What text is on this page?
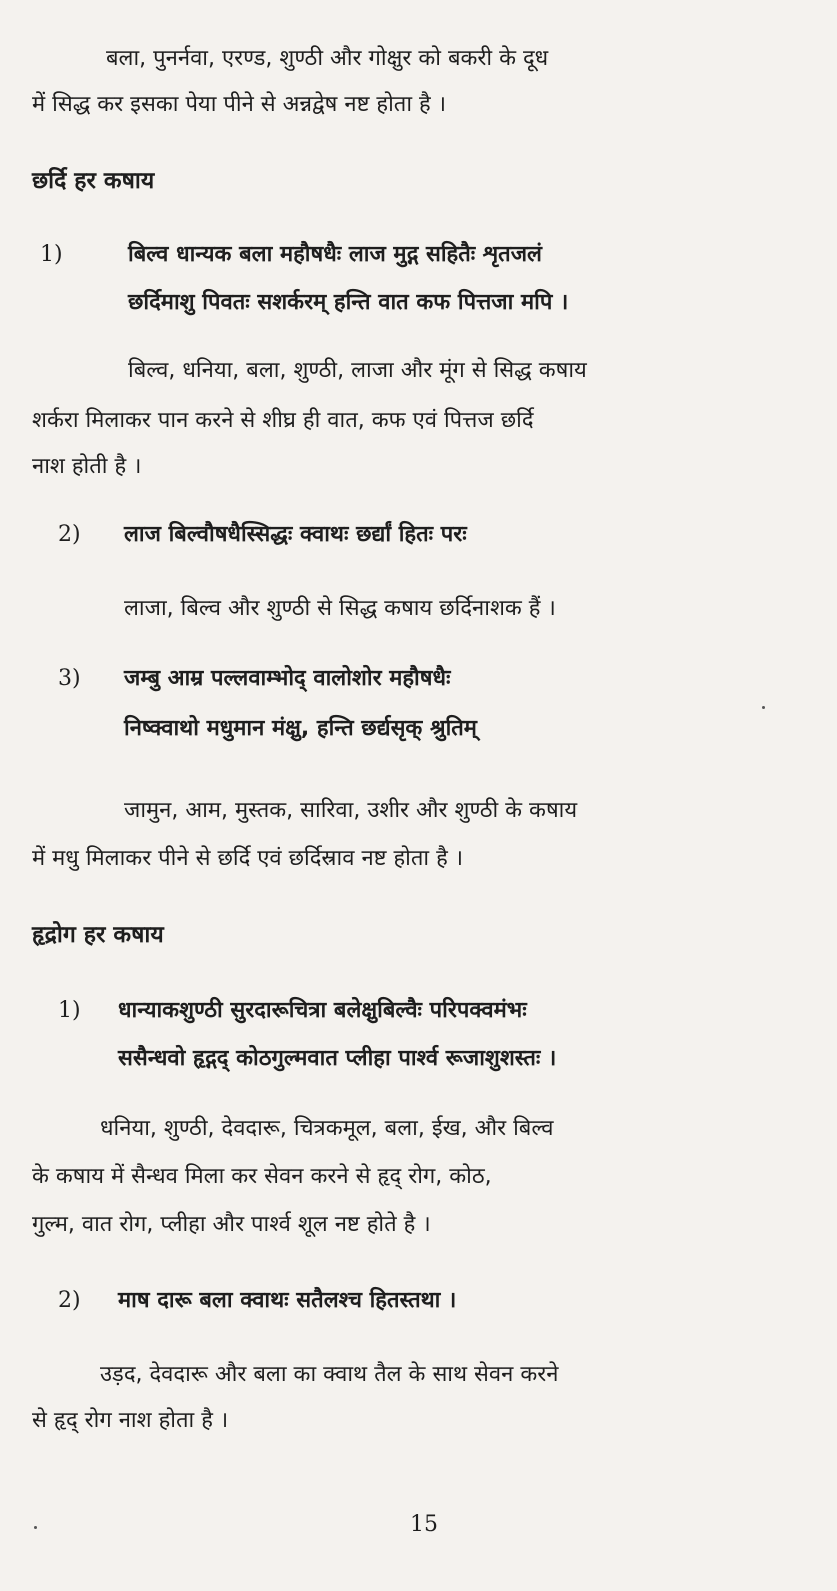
बला, पुनर्नवा, एरण्ड, शुण्ठी और गोक्षुर को बकरी के दूध
में सिद्ध कर इसका पेया पीने से अन्नद्वेष नष्ट होता है ।
छर्दि हर कषाय
1)	बिल्व धान्यक बला महौषधैः लाज मुद्ग सहितैः शृतजलं
छर्दिमाशु पिवतः सशर्करम् हन्ति वात कफ पित्तजा मपि ।
बिल्व, धनिया, बला, शुण्ठी, लाजा और मूंग से सिद्ध कषाय
शर्करा मिलाकर पान करने से शीघ्र ही वात, कफ एवं पित्तज छर्दि
नाश होती है ।
2) लाज बिल्वौषधैस्सिद्धः क्वाथः छर्द्यां हितः परः
लाजा, बिल्व और शुण्ठी से सिद्ध कषाय छर्दिनाशक हैं ।
3) जम्बु आम्र पल्लवाम्भोद् वालोशोर महौषधैः
निष्क्वाथो मधुमान मंक्षु, हन्ति छर्द्यसृक् श्रुतिम्
जामुन, आम, मुस्तक, सारिवा, उशीर और शुण्ठी के कषाय
में मधु मिलाकर पीने से छर्दि एवं छर्दिस्राव नष्ट होता है ।
हृद्रोग हर कषाय
1) धान्याकशुण्ठी सुरदारूचित्रा बलेक्षुबिल्वैः परिपक्वमंभः
ससैन्धवो हृद्गद् कोठगुल्मवात प्लीहा पार्श्व रूजाशुशस्तः ।
धनिया, शुण्ठी, देवदारू, चित्रकमूल, बला, ईख, और बिल्व
के कषाय में सैन्धव मिला कर सेवन करने से हृद् रोग, कोठ,
गुल्म, वात रोग, प्लीहा और पार्श्व शूल नष्ट होते है ।
2) माष दारू बला क्वाथः सतैलश्च हितस्तथा ।
उड़द, देवदारू और बला का क्वाथ तैल के साथ सेवन करने
से हृद् रोग नाश होता है ।
15
